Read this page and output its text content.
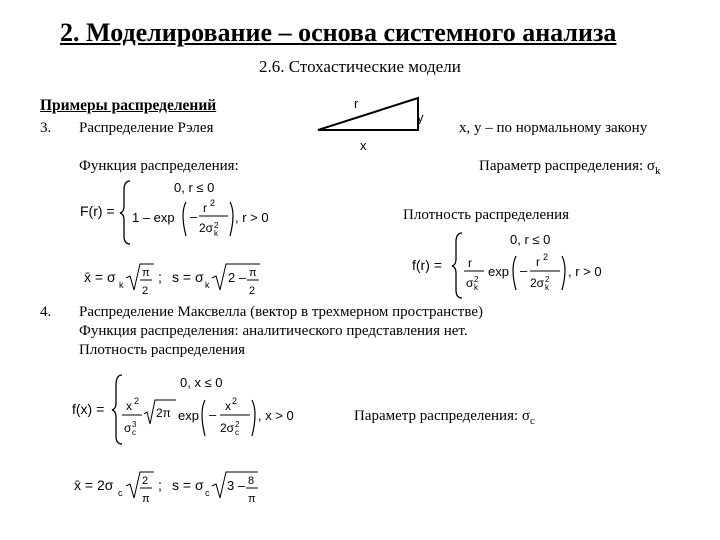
2. Моделирование – основа системного анализа
2.6. Стохастические модели
Примеры распределений	r
y
x
x, y – по нормальному закону
3. Распределение Рэлея
Функция распределения:	Параметр распределения: $\sigma_k$
F(r) =
0, r ≤ 0
1 – exp –
r 2
2σ 2
k
, r > 0
x̄ = σ k
π
2
; s = σ k 2 – π
2
Плотность распределения
f(r) =
0, r ≤ 0
r
σ 2
k
exp –
r 2
2σ 2
k
, r > 0
4. Распределение Максвелла (вектор в трехмерном пространстве)
Функция распределения: аналитического представления нет.
Плотность распределения
f(x) =
0, x ≤ 0
x 2
σ 3
c
2π exp –
x 2
2σ 2
c
, x > 0	Параметр распределения: $\sigma_c$
x̄ = 2σ c
2
π
; s = σ c 3 – 8
π
